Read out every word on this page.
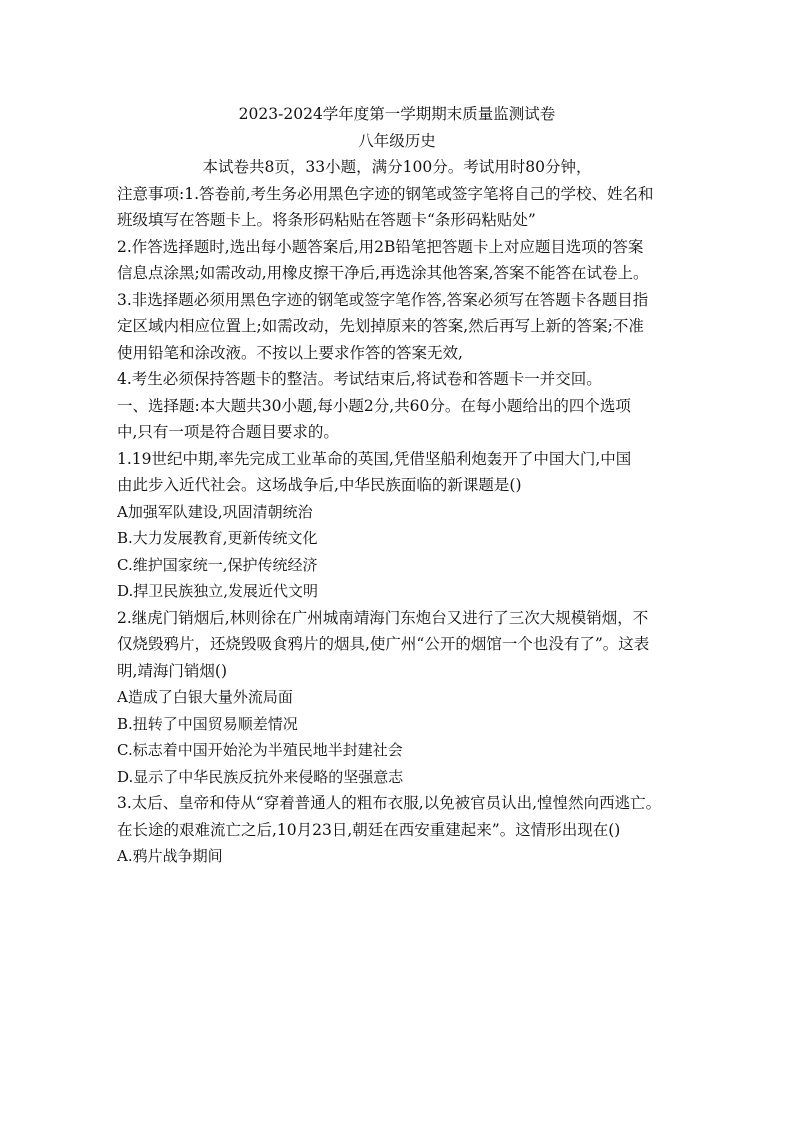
2023-2024学年度第一学期期末质量监测试卷
八年级历史
本试卷共8页，33小题，满分100分。考试用时80分钟，
注意事项:1.答卷前,考生务必用黑色字迹的钢笔或签字笔将自己的学校、姓名和
班级填写在答题卡上。将条形码粘贴在答题卡“条形码粘贴处”
2.作答选择题时,选出每小题答案后,用2B铅笔把答题卡上对应题目选项的答案
信息点涂黑;如需改动,用橡皮擦干净后,再选涂其他答案,答案不能答在试卷上。
3.非选择题必须用黑色字迹的钢笔或签字笔作答,答案必须写在答题卡各题目指
定区域内相应位置上;如需改动，先划掉原来的答案,然后再写上新的答案;不准
使用铅笔和涂改液。不按以上要求作答的答案无效,
4.考生必须保持答题卡的整洁。考试结束后,将试卷和答题卡一并交回。
一、选择题:本大题共30小题,每小题2分,共60分。在每小题给出的四个选项
中,只有一项是符合题目要求的。
1.19世纪中期,率先完成工业革命的英国,凭借坚船利炮轰开了中国大门,中国
由此步入近代社会。这场战争后,中华民族面临的新课题是()
A加强军队建设,巩固清朝统治
B.大力发展教育,更新传统文化
C.维护国家统一,保护传统经济
D.捍卫民族独立,发展近代文明
2.继虎门销烟后,林则徐在广州城南靖海门东炮台又进行了三次大规模销烟，不
仅烧毁鸦片，还烧毁吸食鸦片的烟具,使广州“公开的烟馆一个也没有了”。这表
明,靖海门销烟()
A造成了白银大量外流局面
B.扭转了中国贸易顺差情况
C.标志着中国开始沦为半殖民地半封建社会
D.显示了中华民族反抗外来侵略的坚强意志
3.太后、皇帝和侍从“穿着普通人的粗布衣服,以免被官员认出,惶惶然向西逃亡。
在长途的艰难流亡之后,10月23日,朝廷在西安重建起来”。这情形出现在()
A.鸦片战争期间
